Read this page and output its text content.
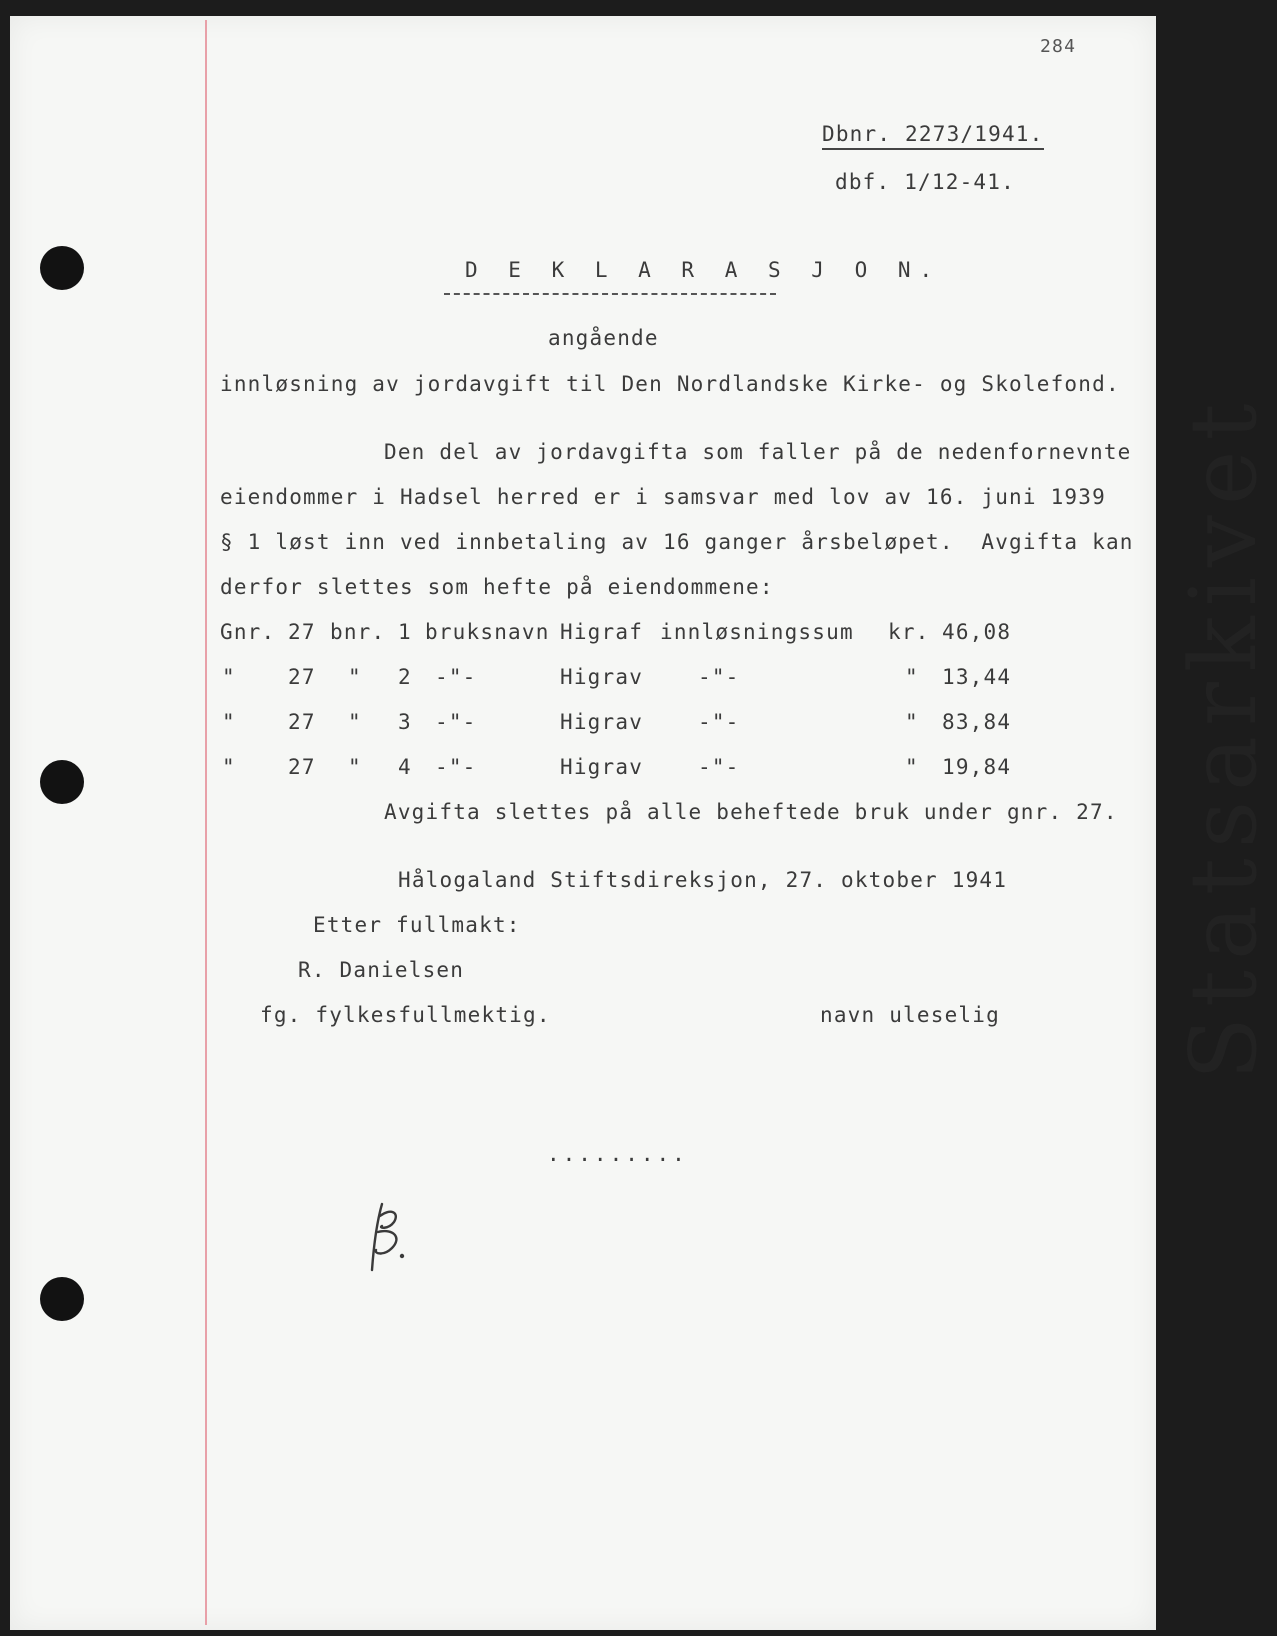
Statsarkivet
284
Dbnr. 2273/1941.
dbf. 1/12-41.
D E K L A R A S J O N.
angående
innløsning av jordavgift til Den Nordlandske Kirke- og Skolefond.
Den del av jordavgifta som faller på de nedenfornevnte
eiendommer i Hadsel herred er i samsvar med lov av 16. juni 1939
§ 1 løst inn ved innbetaling av 16 ganger årsbeløpet.  Avgifta kan
derfor slettes som hefte på eiendommene:
Gnr. 27 bnr. 1 bruksnavn Higraf innløsningssum kr. 46,08
" 27 " 2 -"-	Higrav	-"-	" 13,44
" 27 " 3 -"-	Higrav	-"-	" 83,84
" 27 " 4 -"-	Higrav	-"-	" 19,84
Avgifta slettes på alle beheftede bruk under gnr. 27.
Hålogaland Stiftsdireksjon, 27. oktober 1941
Etter fullmakt:
R. Danielsen
fg. fylkesfullmektig.	navn uleselig
.........
